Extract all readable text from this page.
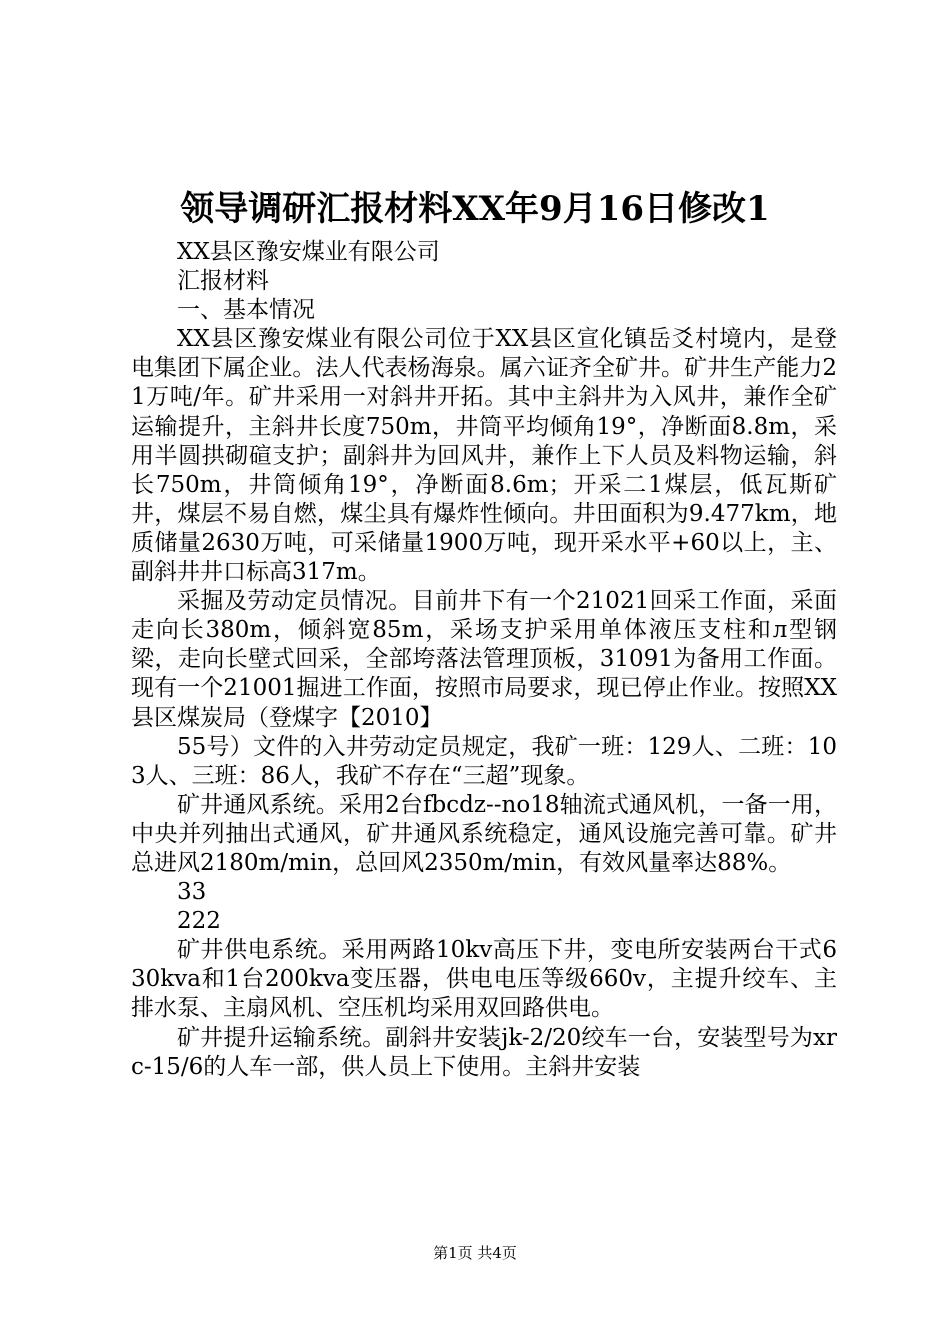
领导调研汇报材料XX年9月16日修改1

XX县区豫安煤业有限公司

汇报材料

一、基本情况

XX县区豫安煤业有限公司位于XX县区宣化镇岳爻村境内，是登电集团下属企业。法人代表杨海泉。属六证齐全矿井。矿井生产能力21万吨/年。矿井采用一对斜井开拓。其中主斜井为入风井，兼作全矿运输提升，主斜井长度750m，井筒平均倾角19°，净断面8.8m，采用半圆拱砌碹支护；副斜井为回风井，兼作上下人员及料物运输，斜长750m，井筒倾角19°，净断面8.6m；开采二1煤层，低瓦斯矿井，煤层不易自燃，煤尘具有爆炸性倾向。井田面积为9.477km，地质储量2630万吨，可采储量1900万吨，现开采水平+60以上，主、副斜井井口标高317m。

采掘及劳动定员情况。目前井下有一个21021回采工作面，采面走向长380m，倾斜宽85m，采场支护采用单体液压支柱和л型钢梁，走向长壁式回采，全部垮落法管理顶板，31091为备用工作面。现有一个21001掘进工作面，按照市局要求，现已停止作业。按照XX县区煤炭局（登煤字【2010】

55号）文件的入井劳动定员规定，我矿一班：129人、二班：103人、三班：86人，我矿不存在“三超”现象。

矿井通风系统。采用2台fbcdz--no18轴流式通风机，一备一用，中央并列抽出式通风，矿井通风系统稳定，通风设施完善可靠。矿井总进风2180m/min，总回风2350m/min，有效风量率达88%。

33

222

矿井供电系统。采用两路10kv高压下井，变电所安装两台干式630kva和1台200kva变压器，供电电压等级660v，主提升绞车、主排水泵、主扇风机、空压机均采用双回路供电。

矿井提升运输系统。副斜井安装jk-2/20绞车一台，安装型号为xrc-15/6的人车一部，供人员上下使用。主斜井安装

第1页 共4页
